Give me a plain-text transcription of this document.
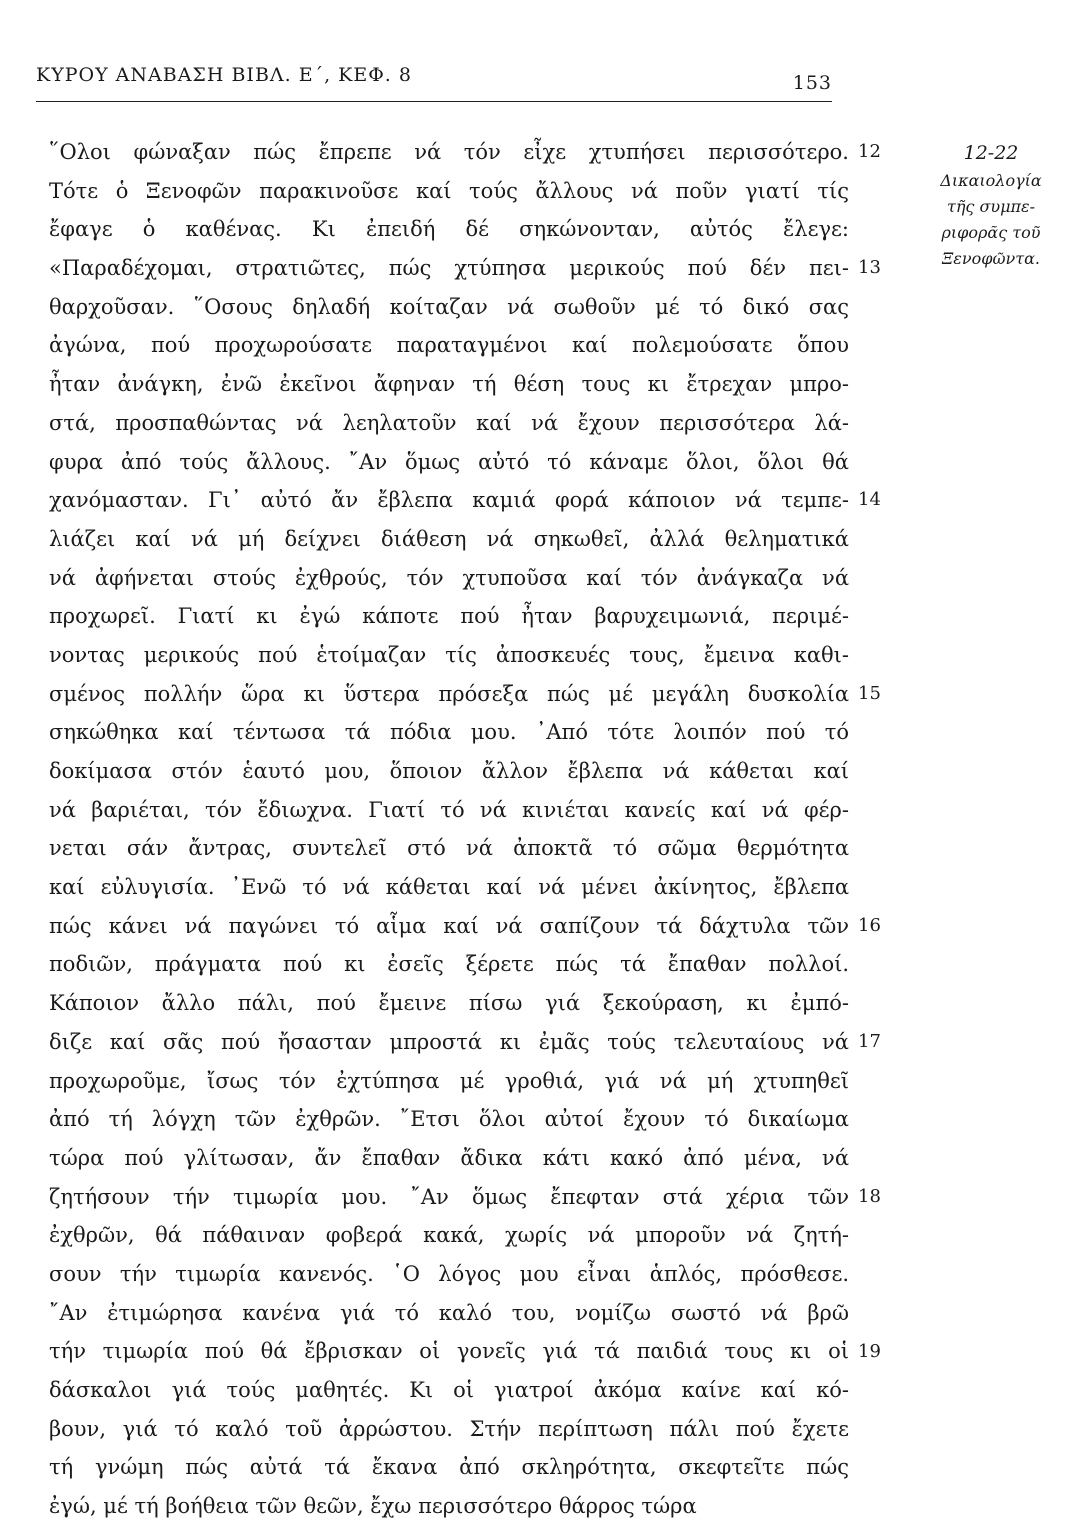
ΚΥΡΟΥ ΑΝΑΒΑΣΗ ΒΙΒΛ. Ε΄, ΚΕΦ. 8	153
῞Ολοι φώναξαν πώς ἔπρεπε νά τόν εἶχε χτυπήσει περισσότερο.
Τότε ὁ Ξενοφῶν παρακινοῦσε καί τούς ἄλλους νά ποῦν γιατί τίς
ἔφαγε ὁ καθένας. Κι ἐπειδή δέ σηκώνονταν, αὐτός ἔλεγε:
«Παραδέχομαι, στρατιῶτες, πώς χτύπησα μερικούς πού δέν πει-
θαρχοῦσαν. ῞Οσους δηλαδή κοίταζαν νά σωθοῦν μέ τό δικό σας
ἀγώνα, πού προχωρούσατε παραταγμένοι καί πολεμούσατε ὅπου
ἦταν ἀνάγκη, ἐνῶ ἐκεῖνοι ἄφηναν τή θέση τους κι ἔτρεχαν μπρο-
στά, προσπαθώντας νά λεηλατοῦν καί νά ἔχουν περισσότερα λά-
φυρα ἀπό τούς ἄλλους. ῎Αν ὅμως αὐτό τό κάναμε ὅλοι, ὅλοι θά
χανόμασταν. Γι᾽ αὐτό ἄν ἔβλεπα καμιά φορά κάποιον νά τεμπε-
λιάζει καί νά μή δείχνει διάθεση νά σηκωθεῖ, ἀλλά θεληματικά
νά ἀφήνεται στούς ἐχθρούς, τόν χτυποῦσα καί τόν ἀνάγκαζα νά
προχωρεῖ. Γιατί κι ἐγώ κάποτε πού ἦταν βαρυχειμωνιά, περιμέ-
νοντας μερικούς πού ἑτοίμαζαν τίς ἀποσκευές τους, ἔμεινα καθι-
σμένος πολλήν ὥρα κι ὕστερα πρόσεξα πώς μέ μεγάλη δυσκολία
σηκώθηκα καί τέντωσα τά πόδια μου. ᾽Από τότε λοιπόν πού τό
δοκίμασα στόν ἑαυτό μου, ὅποιον ἄλλον ἔβλεπα νά κάθεται καί
νά βαριέται, τόν ἔδιωχνα. Γιατί τό νά κινιέται κανείς καί νά φέρ-
νεται σάν ἄντρας, συντελεῖ στό νά ἀποκτᾶ τό σῶμα θερμότητα
καί εὐλυγισία. ᾽Ενῶ τό νά κάθεται καί νά μένει ἀκίνητος, ἔβλεπα
πώς κάνει νά παγώνει τό αἷμα καί νά σαπίζουν τά δάχτυλα τῶν
ποδιῶν, πράγματα πού κι ἐσεῖς ξέρετε πώς τά ἔπαθαν πολλοί.
Κάποιον ἄλλο πάλι, πού ἔμεινε πίσω γιά ξεκούραση, κι ἐμπό-
διζε καί σᾶς πού ἤσασταν μπροστά κι ἐμᾶς τούς τελευταίους νά
προχωροῦμε, ἴσως τόν ἐχτύπησα μέ γροθιά, γιά νά μή χτυπηθεῖ
ἀπό τή λόγχη τῶν ἐχθρῶν. ῎Ετσι ὅλοι αὐτοί ἔχουν τό δικαίωμα
τώρα πού γλίτωσαν, ἄν ἔπαθαν ἄδικα κάτι κακό ἀπό μένα, νά
ζητήσουν τήν τιμωρία μου. ῎Αν ὅμως ἔπεφταν στά χέρια τῶν
ἐχθρῶν, θά πάθαιναν φοβερά κακά, χωρίς νά μποροῦν νά ζητή-
σουν τήν τιμωρία κανενός. ῾Ο λόγος μου εἶναι ἁπλός, πρόσθεσε.
῎Αν ἐτιμώρησα κανένα γιά τό καλό του, νομίζω σωστό νά βρῶ
τήν τιμωρία πού θά ἔβρισκαν οἱ γονεῖς γιά τά παιδιά τους κι οἱ
δάσκαλοι γιά τούς μαθητές. Κι οἱ γιατροί ἀκόμα καίνε καί κό-
βουν, γιά τό καλό τοῦ ἀρρώστου. Στήν περίπτωση πάλι πού ἔχετε
τή γνώμη πώς αὐτά τά ἔκανα ἀπό σκληρότητα, σκεφτεῖτε πώς
ἐγώ, μέ τή βοήθεια τῶν θεῶν, ἔχω περισσότερο θάρρος τώρα
12
13
14
15
16
17
18
19
12-22
Δικαιολογία
τῆς συμπε-
ριφορᾶς τοῦ
Ξενοφῶντα.
